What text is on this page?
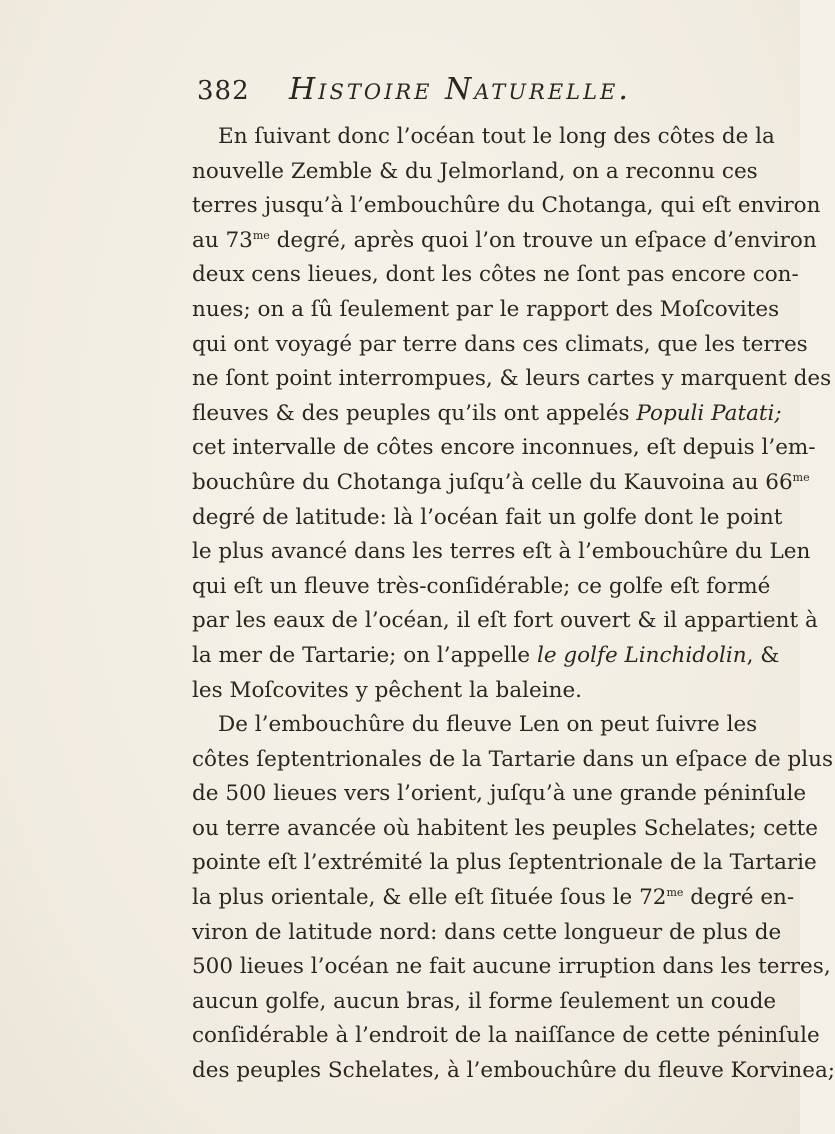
382 Histoire Naturelle.
En ſuivant donc l’océan tout le long des côtes de la
nouvelle Zemble & du Jelmorland, on a reconnu ces
terres jusqu’à l’embouchûre du Chotanga, qui eſt environ
au $73^{me}$ degré, après quoi l’on trouve un eſpace d’environ
deux cens lieues, dont les côtes ne ſont pas encore con-
nues; on a ſû ſeulement par le rapport des Moſcovites
qui ont voyagé par terre dans ces climats, que les terres
ne ſont point interrompues, & leurs cartes y marquent des
fleuves & des peuples qu’ils ont appelés Populi Patati;
cet intervalle de côtes encore inconnues, eſt depuis l’em-
bouchûre du Chotanga juſqu’à celle du Kauvoina au $66^{me}$
degré de latitude: là l’océan fait un golfe dont le point
le plus avancé dans les terres eſt à l’embouchûre du Len
qui eſt un fleuve très-conſidérable; ce golfe eſt formé
par les eaux de l’océan, il eſt fort ouvert & il appartient à
la mer de Tartarie; on l’appelle le golfe Linchidolin, &
les Moſcovites y pêchent la baleine.
De l’embouchûre du fleuve Len on peut ſuivre les
côtes ſeptentrionales de la Tartarie dans un eſpace de plus
de 500 lieues vers l’orient, juſqu’à une grande péninſule
ou terre avancée où habitent les peuples Schelates; cette
pointe eſt l’extrémité la plus ſeptentrionale de la Tartarie
la plus orientale, & elle eſt ſituée ſous le $72^{me}$ degré en-
viron de latitude nord: dans cette longueur de plus de
500 lieues l’océan ne fait aucune irruption dans les terres,
aucun golfe, aucun bras, il forme ſeulement un coude
conſidérable à l’endroit de la naiſſance de cette péninſule
des peuples Schelates, à l’embouchûre du fleuve Korvinea;
